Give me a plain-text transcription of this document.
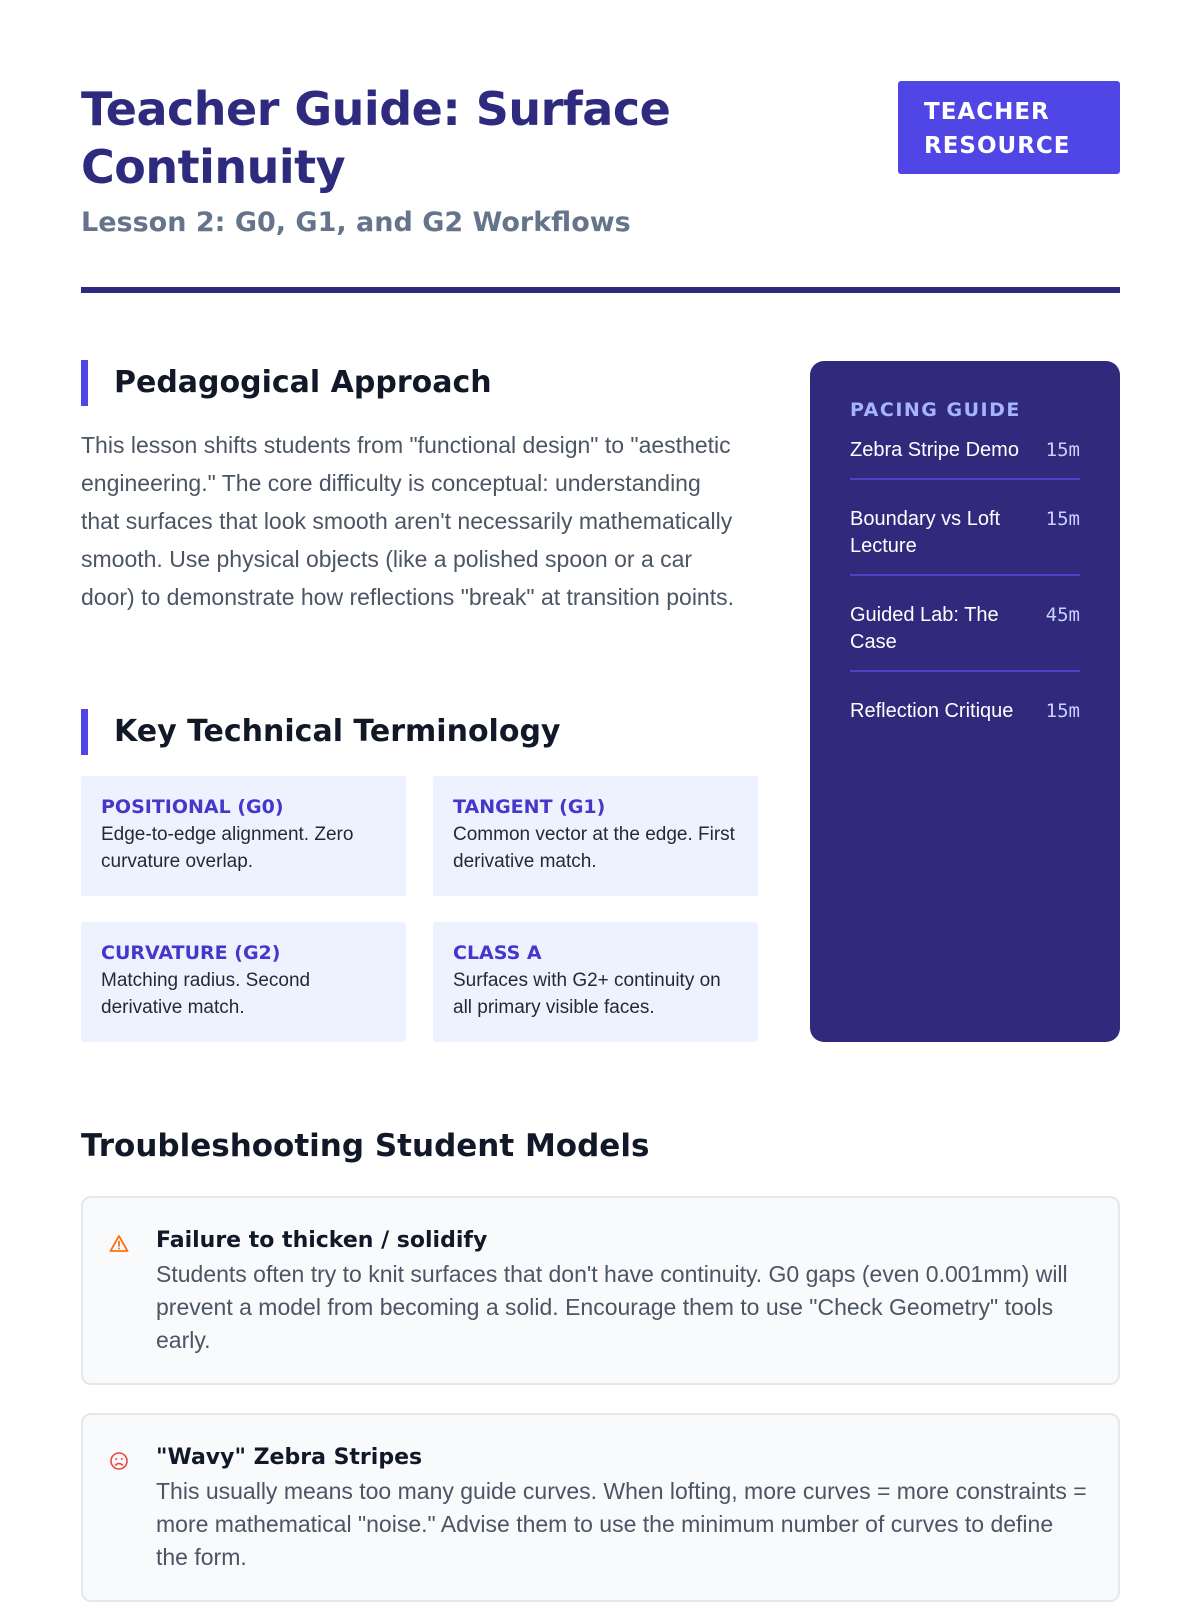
Teacher Guide: Surface Continuity

Lesson 2: G0, G1, and G2 Workflows

TEACHER RESOURCE
Pedagogical Approach

This lesson shifts students from "functional design" to "aesthetic engineering." The core difficulty is conceptual: understanding that surfaces that look smooth aren't necessarily mathematically smooth. Use physical objects (like a polished spoon or a car door) to demonstrate how reflections "break" at transition points.

Key Technical Terminology
POSITIONAL (G0)
Edge-to-edge alignment. Zero curvature overlap.
TANGENT (G1)
Common vector at the edge. First derivative match.
CURVATURE (G2)
Matching radius. Second derivative match.
CLASS A
Surfaces with G2+ continuity on all primary visible faces.

PACING GUIDE

Zebra Stripe Demo 15m
Boundary vs Loft Lecture
15m
Guided Lab: The Case
45m
Reflection Critique 15m
Troubleshooting Student Models
Failure to thicken / solidify
Students often try to knit surfaces that don't have continuity. G0 gaps (even 0.001mm) will prevent a model from becoming a solid. Encourage them to use "Check Geometry" tools early.
"Wavy" Zebra Stripes
This usually means too many guide curves. When lofting, more curves = more constraints = more mathematical "noise." Advise them to use the minimum number of curves to define the form.
